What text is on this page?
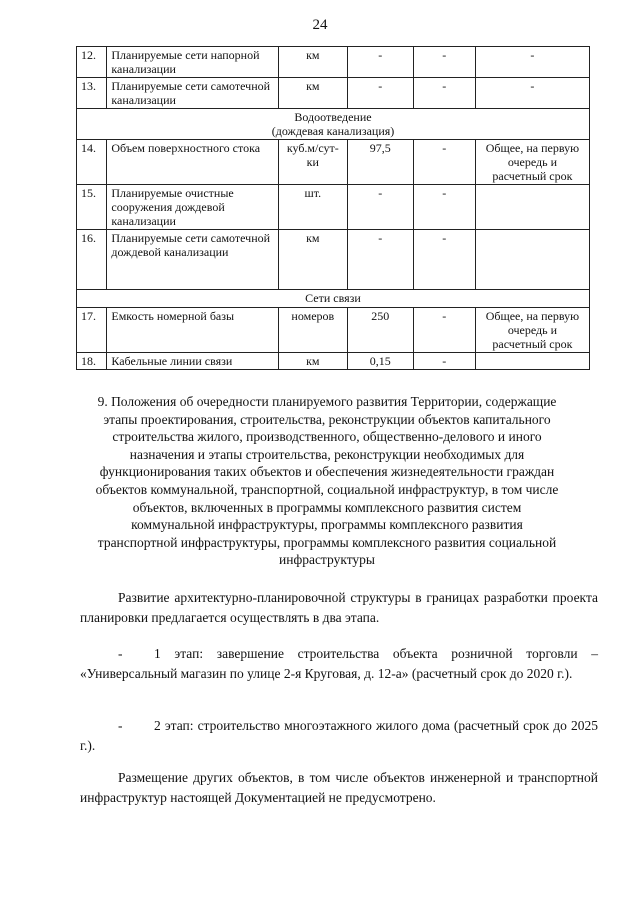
24
12.	Планируемые сети напорной канализации	км	-	-	-
13.	Планируемые сети самотечной канализации	км	-	-	-

Водоотведение
(дождевая канализация)					

14.	Объем поверхностного стока	куб.м/сут-ки	97,5	-	Общее, на первую очередь и расчетный срок
15.	Планируемые очистные сооружения дождевой канализации	шт.	-	-	
16.	Планируемые сети самотечной дождевой канализации	км	-	-	

Сети связи					

17.	Емкость номерной базы	номеров	250	-	Общее, на первую очередь и расчетный срок
18.	Кабельные линии связи	км	0,15	-	
9. Положения об очередности планируемого развития Территории, содержащие этапы проектирования, строительства, реконструкции объектов капитального строительства жилого, производственного, общественно-делового и иного назначения и этапы строительства, реконструкции необходимых для функционирования таких объектов и обеспечения жизнедеятельности граждан объектов коммунальной, транспортной, социальной инфраструктур, в том числе объектов, включенных в программы комплексного развития систем коммунальной инфраструктуры, программы комплексного развития транспортной инфраструктуры, программы комплексного развития социальной инфраструктуры

Развитие архитектурно-планировочной структуры в границах разработки проекта планировки предлагается осуществлять в два этапа.

- 1 этап: завершение строительства объекта розничной торговли – «Универсальный магазин по улице 2-я Круговая, д. 12-а» (расчетный срок до 2020 г.).

- 2 этап: строительство многоэтажного жилого дома (расчетный срок до 2025 г.).

Размещение других объектов, в том числе объектов инженерной и транспортной инфраструктур настоящей Документацией не предусмотрено.
